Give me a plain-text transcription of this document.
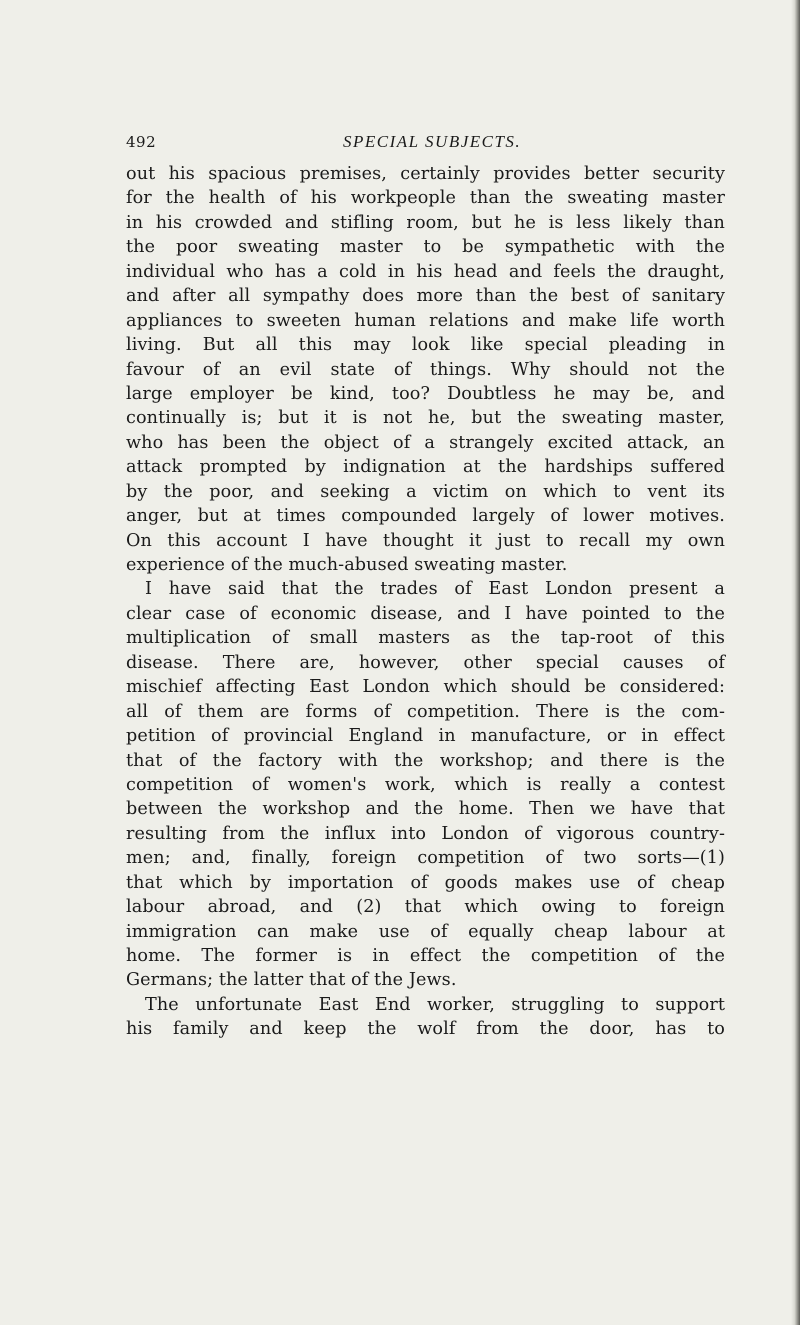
492	SPECIAL SUBJECTS.
out his spacious premises, certainly provides better security
for the health of his workpeople than the sweating master
in his crowded and stifling room, but he is less likely than
the poor sweating master to be sympathetic with the
individual who has a cold in his head and feels the draught,
and after all sympathy does more than the best of sanitary
appliances to sweeten human relations and make life worth
living. But all this may look like special pleading in
favour of an evil state of things. Why should not the
large employer be kind, too? Doubtless he may be, and
continually is; but it is not he, but the sweating master,
who has been the object of a strangely excited attack, an
attack prompted by indignation at the hardships suffered
by the poor, and seeking a victim on which to vent its
anger, but at times compounded largely of lower motives.
On this account I have thought it just to recall my own
experience of the much-abused sweating master.
I have said that the trades of East London present a
clear case of economic disease, and I have pointed to the
multiplication of small masters as the tap-root of this
disease. There are, however, other special causes of
mischief affecting East London which should be considered:
all of them are forms of competition. There is the com-
petition of provincial England in manufacture, or in effect
that of the factory with the workshop; and there is the
competition of women's work, which is really a contest
between the workshop and the home. Then we have that
resulting from the influx into London of vigorous country-
men; and, finally, foreign competition of two sorts—(1)
that which by importation of goods makes use of cheap
labour abroad, and (2) that which owing to foreign
immigration can make use of equally cheap labour at
home. The former is in effect the competition of the
Germans; the latter that of the Jews.
The unfortunate East End worker, struggling to support
his family and keep the wolf from the door, has to
